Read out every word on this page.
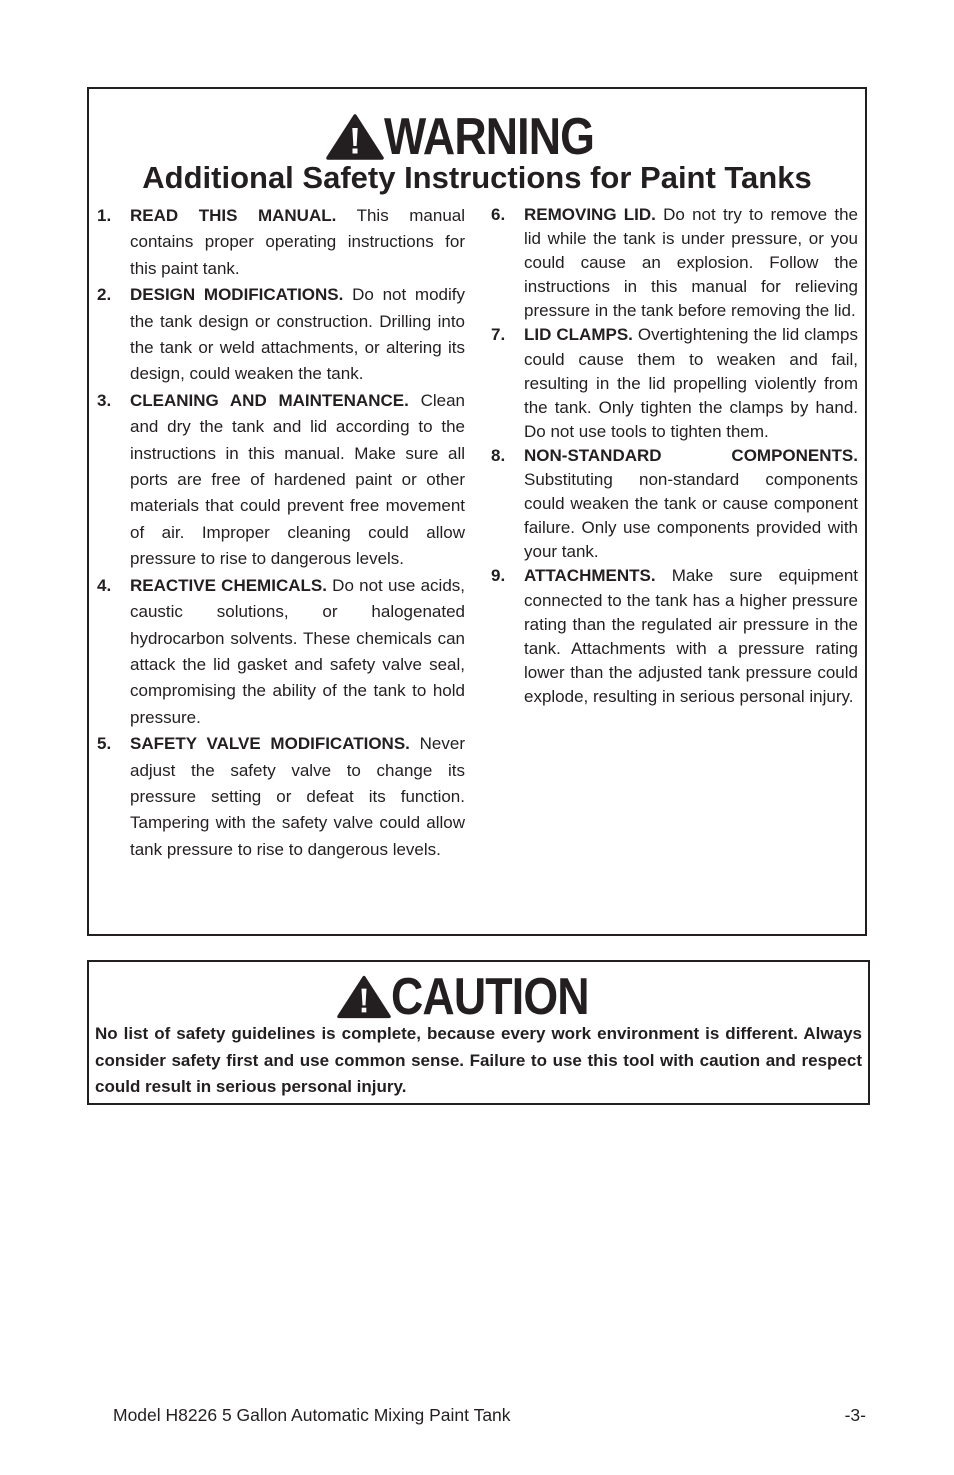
WARNING
Additional Safety Instructions for Paint Tanks
1.	READ THIS MANUAL. This manual contains proper operating instructions for this paint tank.
2.	DESIGN MODIFICATIONS. Do not modify the tank design or construction. Drilling into the tank or weld attachments, or altering its design, could weaken the tank.
3.	CLEANING AND MAINTENANCE. Clean and dry the tank and lid according to the instructions in this manual. Make sure all ports are free of hardened paint or other materials that could prevent free movement of air. Improper cleaning could allow pressure to rise to dangerous levels.
4.	REACTIVE CHEMICALS. Do not use acids, caustic solutions, or halogenated hydrocarbon solvents. These chemicals can attack the lid gasket and safety valve seal, compromising the ability of the tank to hold pressure.
5.	SAFETY VALVE MODIFICATIONS. Never adjust the safety valve to change its pressure setting or defeat its function. Tampering with the safety valve could allow tank pressure to rise to dangerous levels.
6.	REMOVING LID. Do not try to remove the lid while the tank is under pressure, or you could cause an explosion. Follow the instructions in this manual for relieving pressure in the tank before removing the lid.
7.	LID CLAMPS. Overtightening the lid clamps could cause them to weaken and fail, resulting in the lid propelling violently from the tank. Only tighten the clamps by hand. Do not use tools to tighten them.
8.	NON-STANDARD COMPONENTS. Substituting non-standard components could weaken the tank or cause component failure. Only use components provided with your tank.
9.	ATTACHMENTS. Make sure equipment connected to the tank has a higher pressure rating than the regulated air pressure in the tank. Attachments with a pressure rating lower than the adjusted tank pressure could explode, resulting in serious personal injury.
CAUTION
No list of safety guidelines is complete, because every work environment is different. Always consider safety first and use common sense. Failure to use this tool with caution and respect could result in serious personal injury.
Model H8226 5 Gallon Automatic Mixing Paint Tank	-3-
